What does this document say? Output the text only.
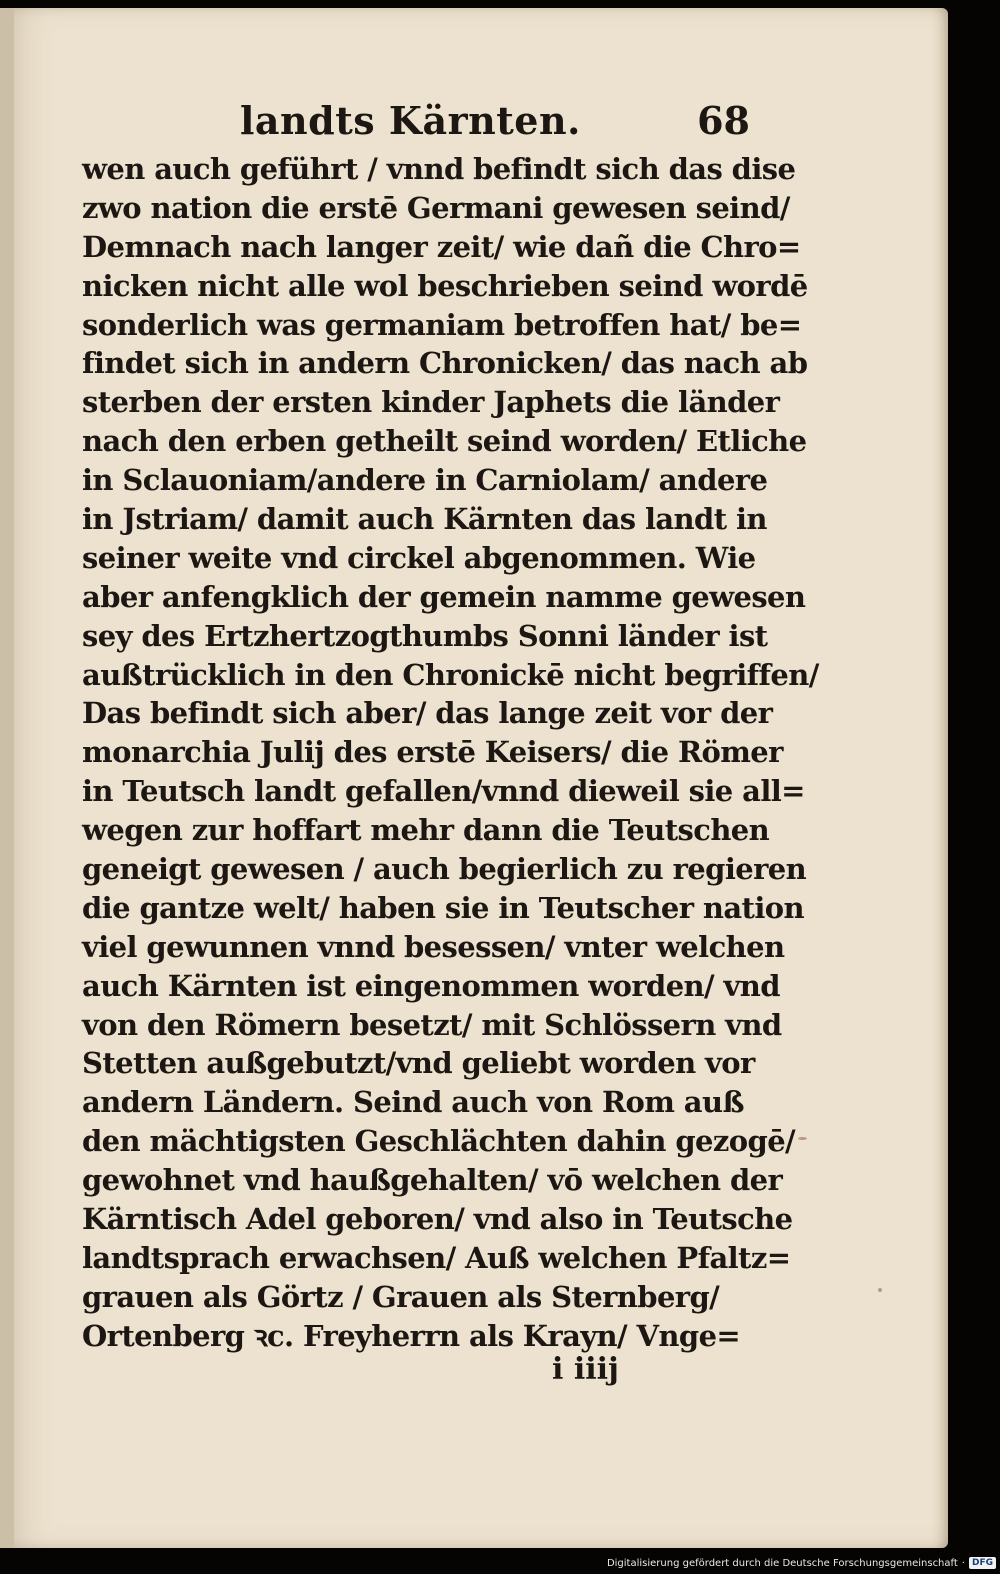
landts Kärnten.	68
wen auch geführt / vnnd befindt sich das dise
zwo nation die erstē Germani gewesen seind/
Demnach nach langer zeit/ wie dañ die Chro=
nicken nicht alle wol beschrieben seind wordē
sonderlich was germaniam betroffen hat/ be=
findet sich in andern Chronicken/ das nach ab
sterben der ersten kinder Japhets die länder
nach den erben getheilt seind worden/ Etliche
in Sclauoniam/andere in Carniolam/ andere
in Jstriam/ damit auch Kärnten das landt in
seiner weite vnd circkel abgenommen. Wie
aber anfengklich der gemein namme gewesen
sey des Ertzhertzogthumbs Sonni länder ist
außtrücklich in den Chronickē nicht begriffen/
Das befindt sich aber/ das lange zeit vor der
monarchia Julij des erstē Keisers/ die Römer
in Teutsch landt gefallen/vnnd dieweil sie all=
wegen zur hoffart mehr dann die Teutschen
geneigt gewesen / auch begierlich zu regieren
die gantze welt/ haben sie in Teutscher nation
viel gewunnen vnnd besessen/ vnter welchen
auch Kärnten ist eingenommen worden/ vnd
von den Römern besetzt/ mit Schlössern vnd
Stetten außgebutzt/vnd geliebt worden vor
andern Ländern. Seind auch von Rom auß
den mächtigsten Geschlächten dahin gezogē/
gewohnet vnd haußgehalten/ vō welchen der
Kärntisch Adel geboren/ vnd also in Teutsche
landtsprach erwachsen/ Auß welchen Pfaltz=
grauen als Görtz / Grauen als Sternberg/
Ortenberg ꝛc. Freyherrn als Krayn/ Vnge=
i iiij
Digitalisierung gefördert durch die Deutsche Forschungsgemeinschaft · DFG
